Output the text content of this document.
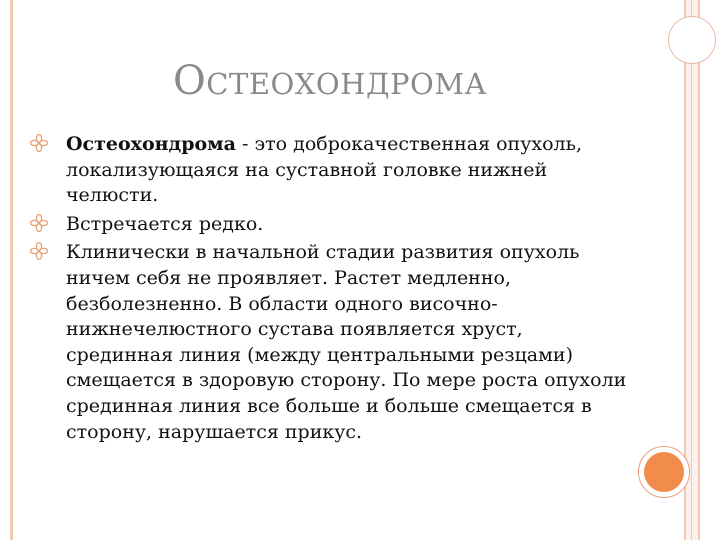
ОСТЕОХОНДРОМА
Остеохондрома - это доброкачественная опухоль, локализующаяся на суставной головке нижней челюсти.
Встречается редко.
Клинически в начальной стадии развития опухоль ничем себя не проявляет. Растет медленно, безболезненно. В области одного височно-нижнечелюстного сустава появляется хруст, срединная линия (между центральными резцами) смещается в здоровую сторону. По мере роста опухоли срединная линия все больше и больше смещается в сторону, нарушается прикус.
